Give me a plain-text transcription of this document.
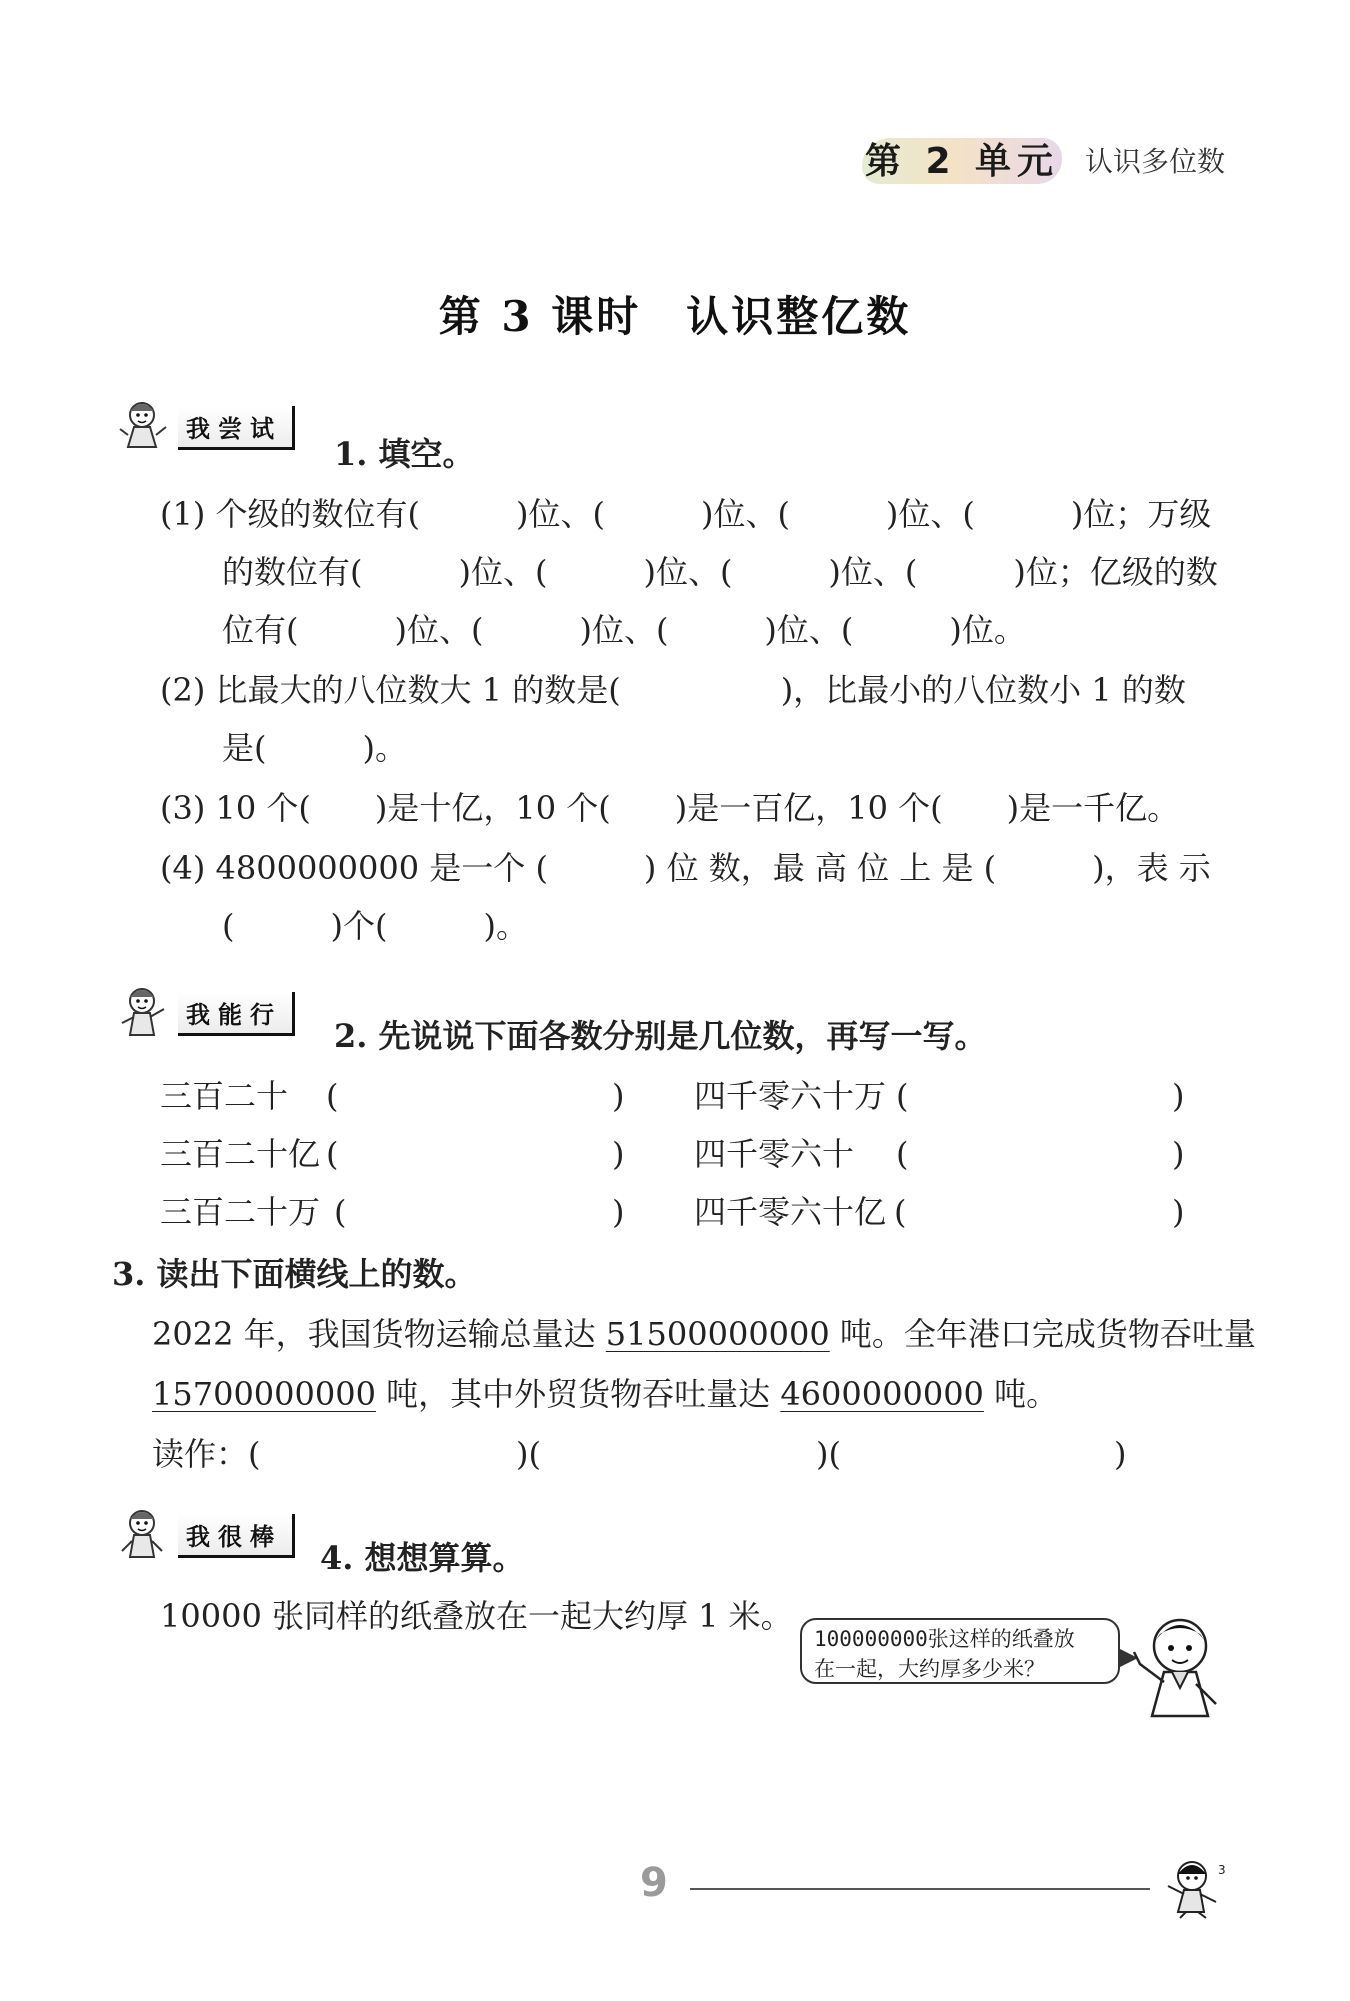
第 2 单元 认识多位数
第 3 课时　认识整亿数
我尝试
1. 填空。
(1) 个级的数位有(　　　)位、(　　　)位、(　　　)位、(　　　)位；万级
的数位有(　　　)位、(　　　)位、(　　　)位、(　　　)位；亿级的数
位有(　　　)位、(　　　)位、(　　　)位、(　　　)位。
(2) 比最大的八位数大 1 的数是(　　　　　)，比最小的八位数小 1 的数
是(　　　)。
(3) 10 个(　　)是十亿，10 个(　　)是一百亿，10 个(　　)是一千亿。
(4) 4800000000 是一个 (　　　) 位 数，最 高 位 上 是 (　　　)，表 示
(　　　)个(　　　)。
我能行
2. 先说说下面各数分别是几位数，再写一写。
三百二十 (	) 四千零六十万 (	)
三百二十亿 (	) 四千零六十 (	)
三百二十万 (	) 四千零六十亿 (	)
3. 读出下面横线上的数。
2022 年，我国货物运输总量达 51500000000 吨。全年港口完成货物吞吐量
15700000000 吨，其中外贸货物吞吐量达 4600000000 吨。
读作：(	)(	)(	)
我很棒
4. 想想算算。
10000 张同样的纸叠放在一起大约厚 1 米。
100000000张这样的纸叠放
在一起，大约厚多少米？
9	3
